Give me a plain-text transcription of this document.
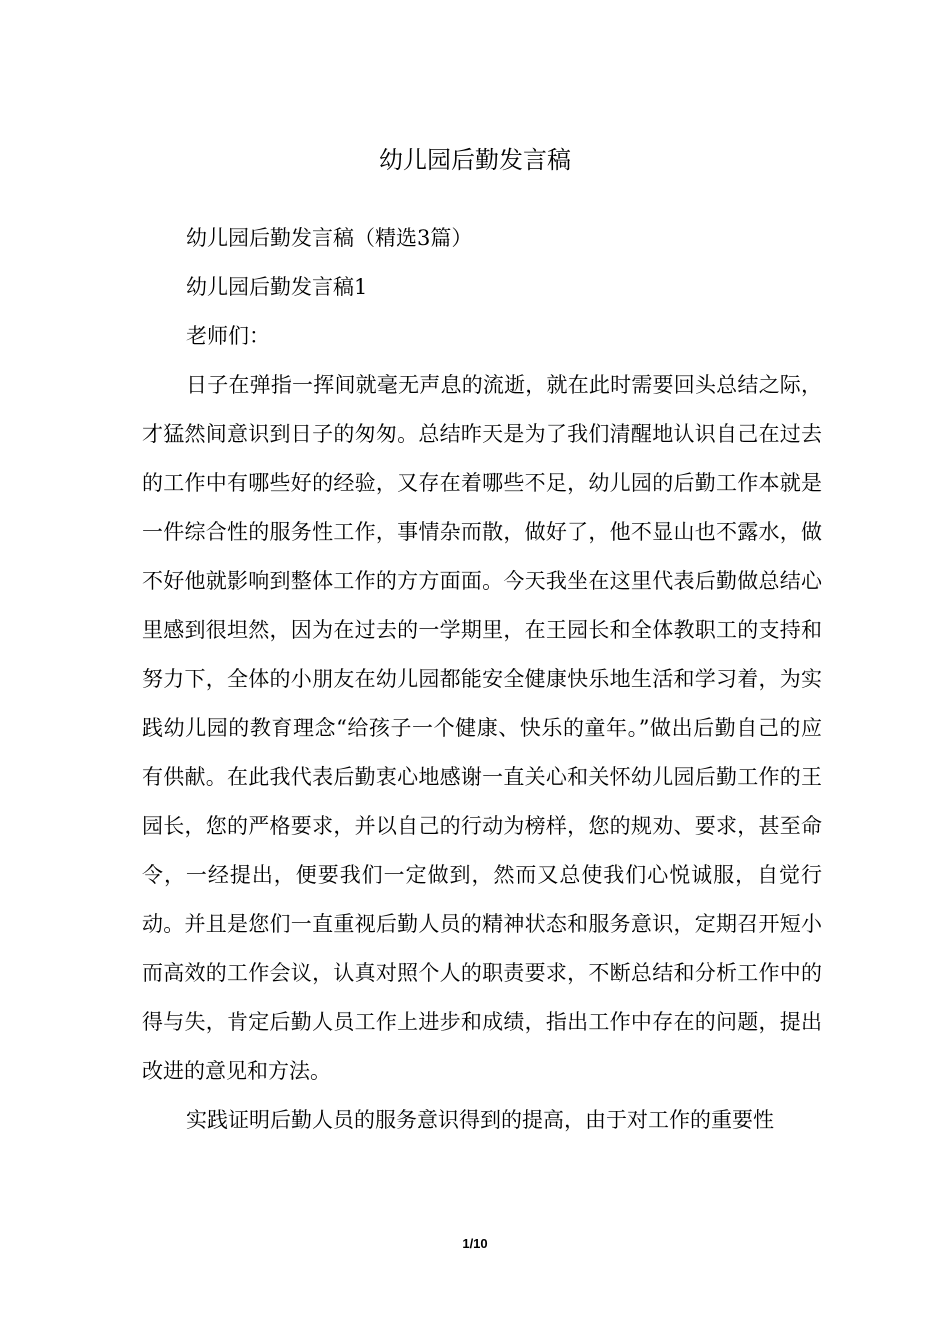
幼儿园后勤发言稿

幼儿园后勤发言稿（精选3篇）

幼儿园后勤发言稿1

老师们：

日子在弹指一挥间就毫无声息的流逝，就在此时需要回头总结之际，才猛然间意识到日子的匆匆。总结昨天是为了我们清醒地认识自己在过去的工作中有哪些好的经验，又存在着哪些不足，幼儿园的后勤工作本就是一件综合性的服务性工作，事情杂而散，做好了，他不显山也不露水，做不好他就影响到整体工作的方方面面。今天我坐在这里代表后勤做总结心里感到很坦然，因为在过去的一学期里，在王园长和全体教职工的支持和努力下，全体的小朋友在幼儿园都能安全健康快乐地生活和学习着，为实践幼儿园的教育理念“给孩子一个健康、快乐的童年。”做出后勤自己的应有供献。在此我代表后勤衷心地感谢一直关心和关怀幼儿园后勤工作的王园长，您的严格要求，并以自己的行动为榜样，您的规劝、要求，甚至命令，一经提出，便要我们一定做到，然而又总使我们心悦诚服，自觉行动。并且是您们一直重视后勤人员的精神状态和服务意识，定期召开短小而高效的工作会议，认真对照个人的职责要求，不断总结和分析工作中的得与失，肯定后勤人员工作上进步和成绩，指出工作中存在的问题，提出改进的意见和方法。

实践证明后勤人员的服务意识得到的提高，由于对工作的重要性

1/10
